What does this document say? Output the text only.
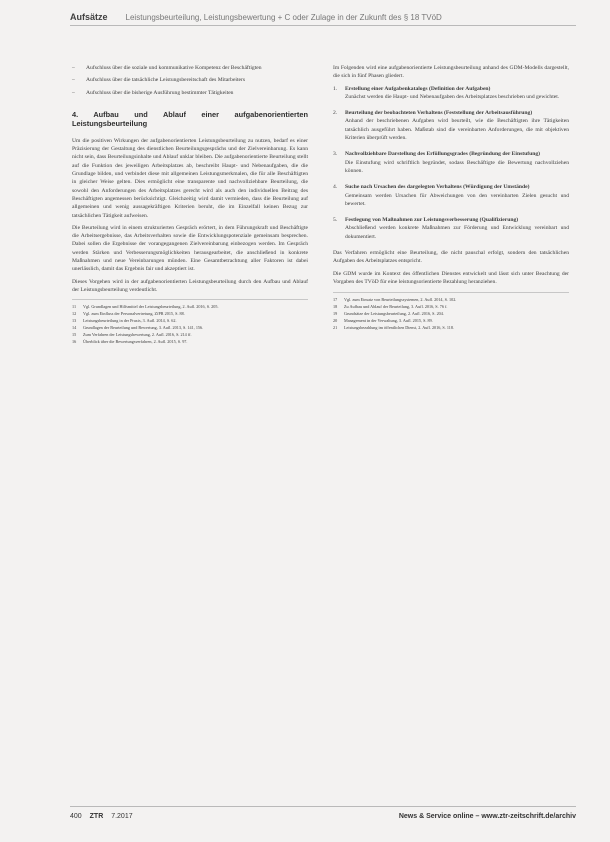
Aufsätze Leistungsbeurteilung, Leistungsbewertung + C oder Zulage in der Zukunft des § 18 TVöD
– Aufschluss über die soziale und kommunikative Kompetenz der Beschäftigten
– Aufschluss über die tatsächliche Leistungsbereitschaft des Mitarbeiters
– Aufschluss über die bisherige Ausführung bestimmter Tätigkeiten
4. Aufbau und Ablauf einer aufgabenorientierten Leistungsbeurteilung

Um die positiven Wirkungen der aufgabenorientierten Leistungsbeurteilung zu nutzen, bedarf es einer Präzisierung der Gestaltung des dienstlichen Beurteilungsgesprächs und der Zielvereinbarung. Es kann nicht sein, dass Beurteilungsinhalte und Ablauf unklar bleiben. Die aufgabenorientierte Beurteilung stellt auf die Funktion des jeweiligen Arbeitsplatzes ab, beschreibt Haupt- und Nebenaufgaben, die die Grundlage bilden, und verbindet diese mit allgemeinen Leistungsmerkmalen, die für alle Beschäftigten in gleicher Weise gelten. Dies ermöglicht eine transparente und nachvollziehbare Beurteilung, die sowohl den Anforderungen des Arbeitsplatzes gerecht wird als auch den individuellen Beitrag des Beschäftigten angemessen berücksichtigt. Gleichzeitig wird damit vermieden, dass die Beurteilung auf allgemeinen und wenig aussagekräftigen Kriterien beruht, die im Einzelfall keinen Bezug zur tatsächlichen Tätigkeit aufweisen.

Die Beurteilung wird in einem strukturierten Gespräch erörtert, in dem Führungskraft und Beschäftigte die Arbeitsergebnisse, das Arbeitsverhalten sowie die Entwicklungspotenziale gemeinsam besprechen. Dabei sollen die Ergebnisse der vorangegangenen Zielvereinbarung einbezogen werden. Im Gespräch werden Stärken und Verbesserungsmöglichkeiten herausgearbeitet, die anschließend in konkrete Maßnahmen und neue Vereinbarungen münden. Eine Gesamtbetrachtung aller Faktoren ist dabei unerlässlich, damit das Ergebnis fair und akzeptiert ist.

Dieses Vorgehen wird in der aufgabenorientierten Leistungsbeurteilung durch den Aufbau und Ablauf der Leistungsbeurteilung verdeutlicht.

11 Vgl. Grundlagen und Hilfsmittel der Leistungsbeurteilung, 2. Aufl. 2016, S. 205.
12 Vgl. zum Einfluss der Personalvertretung, ZfPR 2015, S. 88.
13 Leistungsbeurteilung in der Praxis, 3. Aufl. 2014, S. 62.
14 Grundlagen der Beurteilung und Bewertung, 3. Aufl. 2013, S. 141, 156.
15 Zum Verfahren der Leistungsbewertung, 2. Aufl. 2016, S. 214 ff.
16 Überblick über die Bewertungsverfahren, 2. Aufl. 2015, S. 97.

Im Folgenden wird eine aufgabenorientierte Leistungsbeurteilung anhand des GDM-Modells dargestellt, die sich in fünf Phasen gliedert.

1. Erstellung einer Aufgabenkatalogs (Definition der Aufgaben)
Zunächst werden die Haupt- und Nebenaufgaben des Arbeitsplatzes beschrieben und gewichtet.
2. Beurteilung der beobachteten Verhaltens (Feststellung der Arbeitsausführung)
Anhand der beschriebenen Aufgaben wird beurteilt, wie die Beschäftigten ihre Tätigkeiten tatsächlich ausgeführt haben. Maßstab sind die vereinbarten Anforderungen, die mit objektiven Kriterien überprüft werden.
3. Nachvollziehbare Darstellung des Erfüllungsgrades (Begründung der Einstufung)
Die Einstufung wird schriftlich begründet, sodass Beschäftigte die Bewertung nachvollziehen können.
4. Suche nach Ursachen des dargelegten Verhaltens (Würdigung der Umstände)
Gemeinsam werden Ursachen für Abweichungen von den vereinbarten Zielen gesucht und bewertet.
5. Festlegung von Maßnahmen zur Leistungsverbesserung (Qualifizierung)
Abschließend werden konkrete Maßnahmen zur Förderung und Entwicklung vereinbart und dokumentiert.

Das Verfahren ermöglicht eine Beurteilung, die nicht pauschal erfolgt, sondern den tatsächlichen Aufgaben des Arbeitsplatzes entspricht.

Die GDM wurde im Kontext des öffentlichen Dienstes entwickelt und lässt sich unter Beachtung der Vorgaben des TVöD für eine leistungsorientierte Bezahlung heranziehen.

17 Vgl. zum Einsatz von Beurteilungssystemen, 2. Aufl. 2014, S. 102.
18 Zu Aufbau und Ablauf der Beurteilung, 3. Aufl. 2016, S. 76 f.
19 Grundsätze der Leistungsbeurteilung, 2. Aufl. 2016, S. 204.
20 Management in der Verwaltung, 3. Aufl. 2015, S. 89.
21 Leistungsbezahlung im öffentlichen Dienst, 2. Aufl. 2016, S. 118.
400 ZTR 7.2017	News & Service online – www.ztr-zeitschrift.de/archiv
